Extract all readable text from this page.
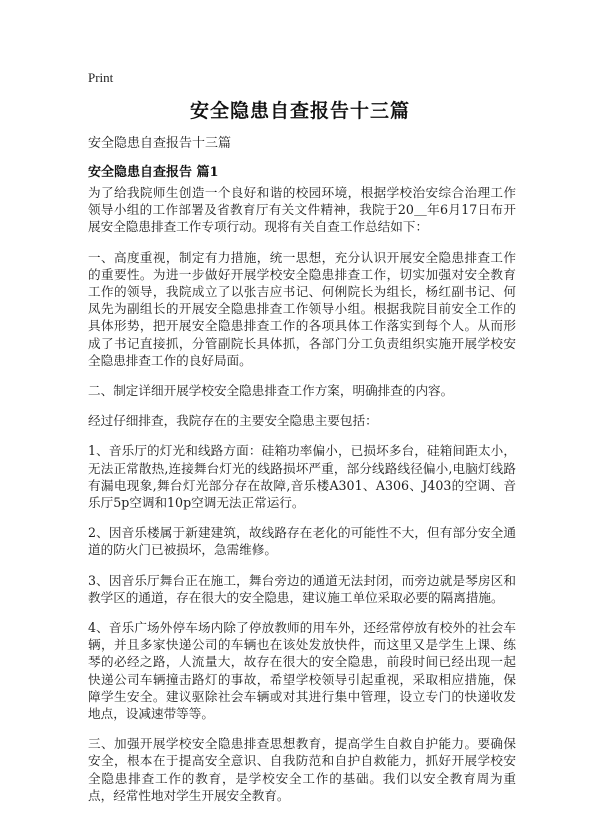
Print
安全隐患自查报告十三篇
安全隐患自查报告十三篇
安全隐患自查报告 篇1

为了给我院师生创造一个良好和谐的校园环境，根据学校治安综合治理工作领导小组的工作部署及省教育厅有关文件精神，我院于20＿年6月17日布开展安全隐患排查工作专项行动。现将有关自查工作总结如下：

一、高度重视，制定有力措施，统一思想，充分认识开展安全隐患排查工作的重要性。为进一步做好开展学校安全隐患排查工作，切实加强对安全教育工作的领导，我院成立了以张吉应书记、何俐院长为组长，杨红副书记、何凤先为副组长的开展安全隐患排查工作领导小组。根据我院目前安全工作的具体形势，把开展安全隐患排查工作的各项具体工作落实到每个人。从而形成了书记直接抓，分管副院长具体抓，各部门分工负责组织实施开展学校安全隐患排查工作的良好局面。

二、制定详细开展学校安全隐患排查工作方案，明确排查的内容。

经过仔细排查，我院存在的主要安全隐患主要包括：

1、音乐厅的灯光和线路方面：硅箱功率偏小，已损坏多台，硅箱间距太小，无法正常散热,连接舞台灯光的线路损坏严重，部分线路线径偏小,电脑灯线路有漏电现象,舞台灯光部分存在故障,音乐楼A301、A306、J403的空调、音乐厅5p空调和10p空调无法正常运行。

2、因音乐楼属于新建建筑，故线路存在老化的可能性不大，但有部分安全通道的防火门已被损坏，急需维修。

3、因音乐厅舞台正在施工，舞台旁边的通道无法封闭，而旁边就是琴房区和教学区的通道，存在很大的安全隐患，建议施工单位采取必要的隔离措施。

4、音乐广场外停车场内除了停放教师的用车外，还经常停放有校外的社会车辆，并且多家快递公司的车辆也在该处发放快件，而这里又是学生上课、练琴的必经之路，人流量大，故存在很大的安全隐患，前段时间已经出现一起快递公司车辆撞击路灯的事故，希望学校领导引起重视，采取相应措施，保障学生安全。建议驱除社会车辆或对其进行集中管理，设立专门的快递收发地点，设减速带等等。

三、加强开展学校安全隐患排查思想教育，提高学生自救自护能力。要确保安全，根本在于提高安全意识、自我防范和自护自救能力，抓好开展学校安全隐患排查工作的教育，是学校安全工作的基础。我们以安全教育周为重点，经常性地对学生开展安全教育。
